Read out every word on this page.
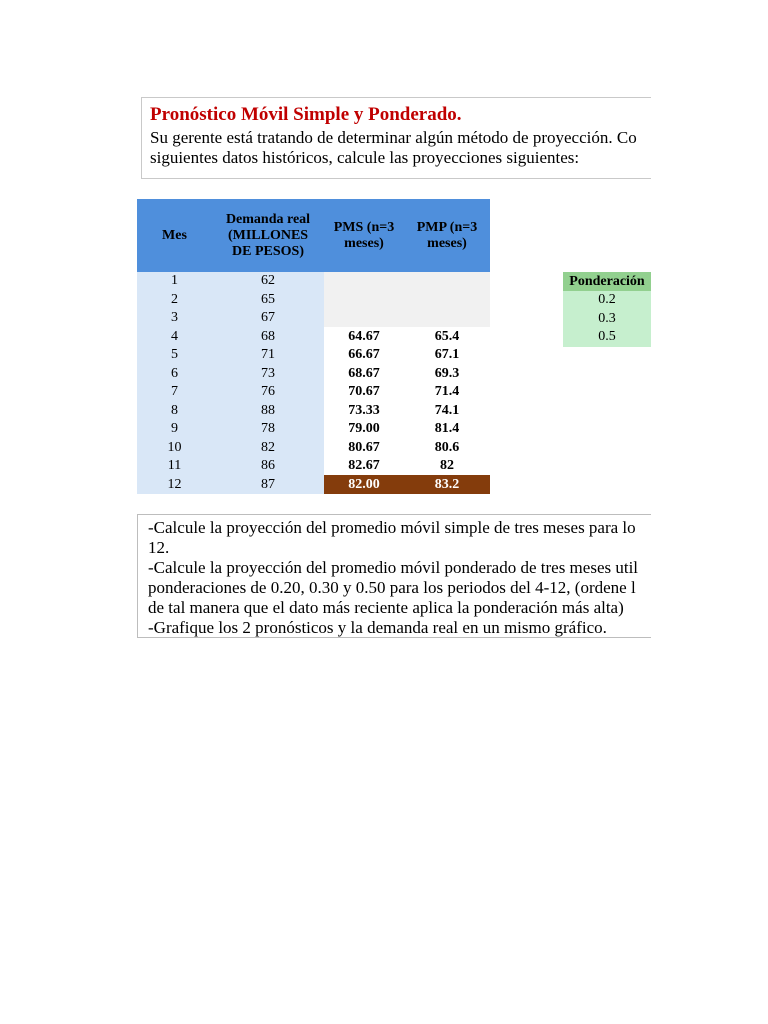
Pronóstico Móvil Simple y Ponderado.
Su gerente está tratando de determinar algún método de proyección. Co
siguientes datos históricos, calcule las proyecciones siguientes:
Mes
Demanda real
(MILLONES
DE PESOS)
PMS (n=3
meses)
PMP (n=3
meses)
1	62
2	65
3	67
4	68	64.67	65.4
5	71	66.67	67.1
6	73	68.67	69.3
7	76	70.67	71.4
8	88	73.33	74.1
9	78	79.00	81.4
10	82	80.67	80.6
11	86	82.67	82
12	87	82.00	83.2
Ponderación
0.2
0.3
0.5
-Calcule la proyección del promedio móvil simple de tres meses para lo
12.
-Calcule la proyección del promedio móvil ponderado de tres meses util
ponderaciones de 0.20, 0.30 y 0.50 para los periodos del 4-12, (ordene l
de tal manera que el dato más reciente aplica la ponderación más alta)
-Grafique los 2 pronósticos y la demanda real en un mismo gráfico.
